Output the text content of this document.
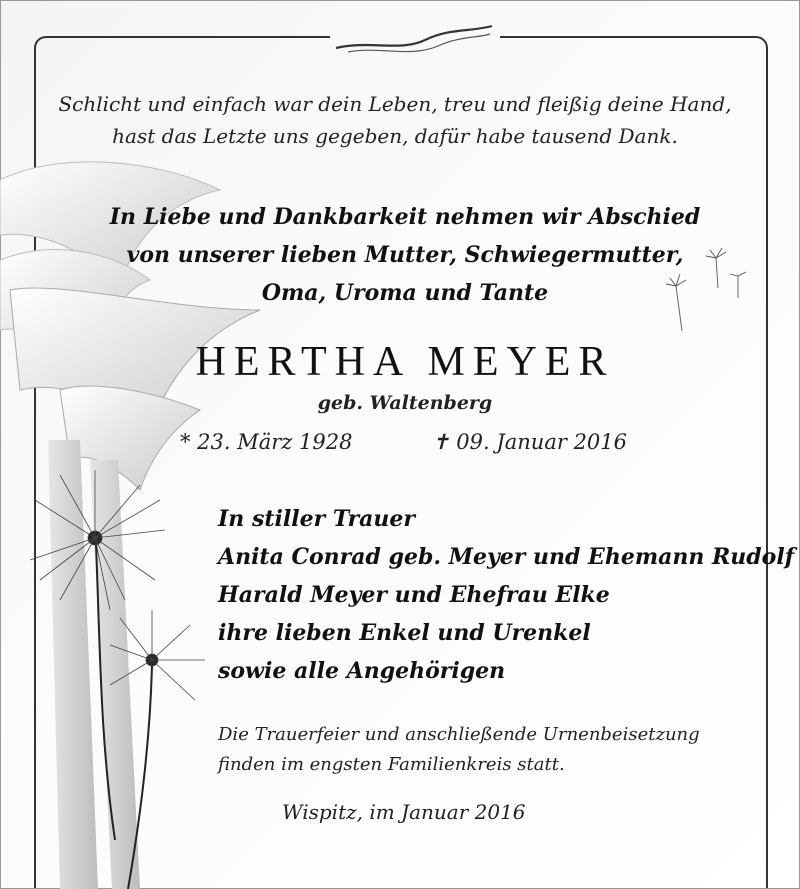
Schlicht und einfach war dein Leben, treu und fleißig deine Hand,
hast das Letzte uns gegeben, dafür habe tausend Dank.
In Liebe und Dankbarkeit nehmen wir Abschied
von unserer lieben Mutter, Schwiegermutter,
Oma, Uroma und Tante
HERTHA MEYER
geb. Waltenberg
* 23. März 1928	✝ 09. Januar 2016
In stiller Trauer
Anita Conrad geb. Meyer und Ehemann Rudolf
Harald Meyer und Ehefrau Elke
ihre lieben Enkel und Urenkel
sowie alle Angehörigen
Die Trauerfeier und anschließende Urnenbeisetzung
finden im engsten Familienkreis statt.
Wispitz, im Januar 2016
